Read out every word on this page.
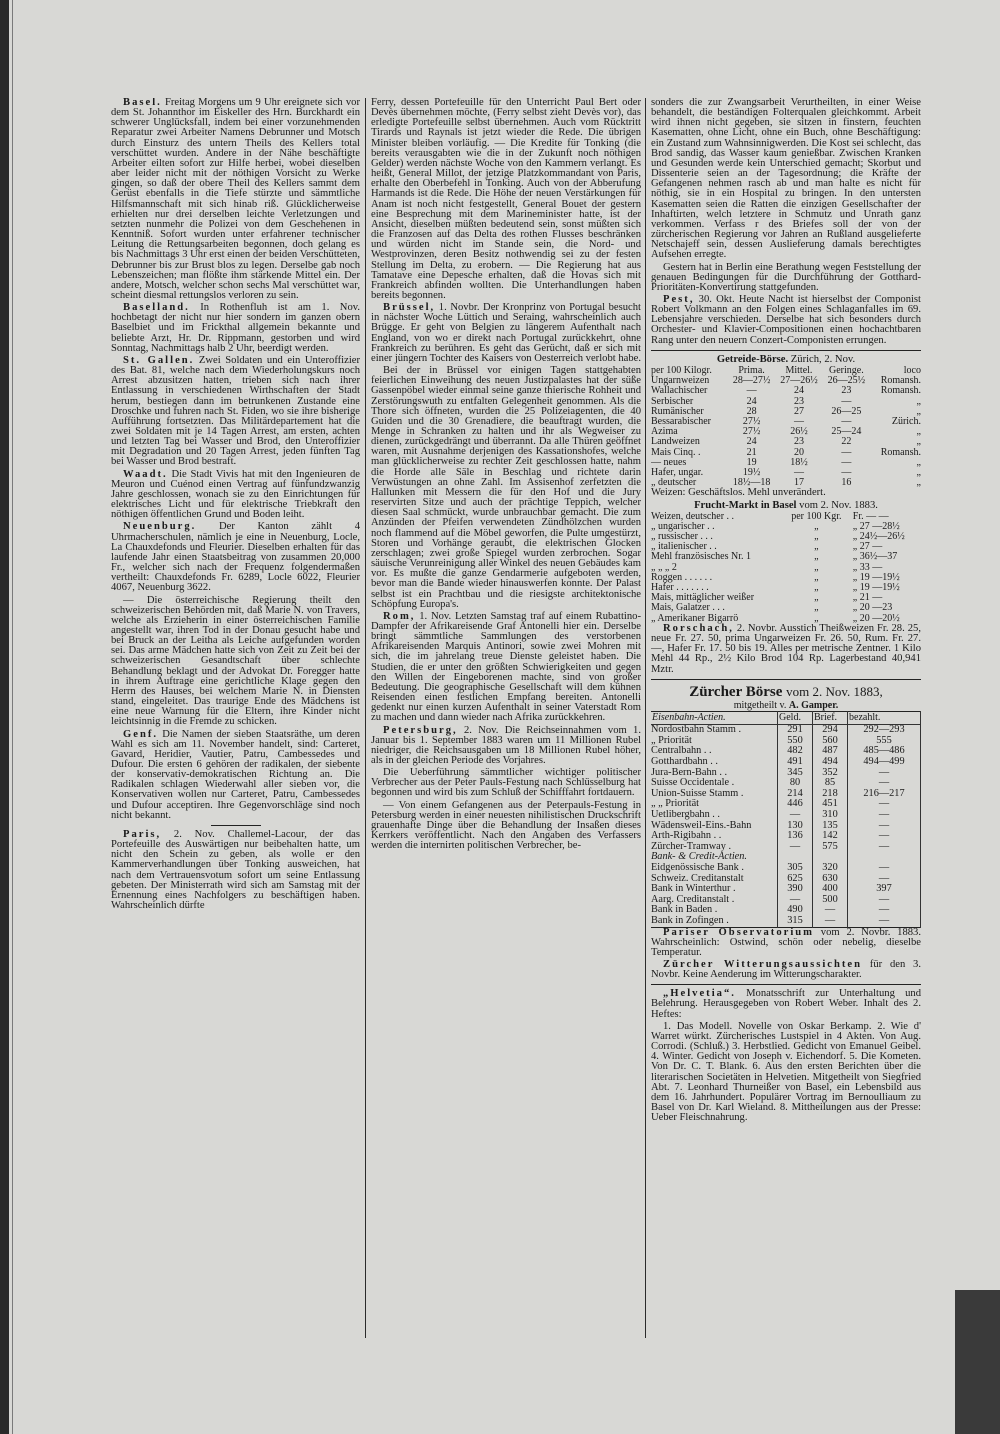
Basel. Freitag Morgens um 9 Uhr ereignete sich vor dem St. Johannthor im Eiskeller des Hrn. Burckhardt ein schwerer Unglücksfall, indem bei einer vorzunehmenden Reparatur zwei Arbeiter Namens Debrunner und Motsch durch Einsturz des untern Theils des Kellers total verschüttet wurden. Andere in der Nähe beschäftigte Arbeiter eilten sofort zur Hilfe herbei, wobei dieselben aber leider nicht mit der nöthigen Vorsicht zu Werke gingen, so daß der obere Theil des Kellers sammt dem Gerüst ebenfalls in die Tiefe stürzte und sämmtliche Hilfsmannschaft mit sich hinab riß. Glücklicherweise erhielten nur drei derselben leichte Verletzungen und setzten nunmehr die Polizei von dem Geschehenen in Kenntniß. Sofort wurden unter erfahrener technischer Leitung die Rettungsarbeiten begonnen, doch gelang es bis Nachmittags 3 Uhr erst einen der beiden Verschütteten, Debrunner bis zur Brust blos zu legen. Derselbe gab noch Lebenszeichen; man flößte ihm stärkende Mittel ein. Der andere, Motsch, welcher schon sechs Mal verschüttet war, scheint diesmal rettungslos verloren zu sein.

Baselland. In Rothenfluh ist am 1. Nov. hochbetagt der nicht nur hier sondern im ganzen obern Baselbiet und im Frickthal allgemein bekannte und beliebte Arzt, Hr. Dr. Rippmann, gestorben und wird Sonntag, Nachmittags halb 2 Uhr, beerdigt werden.

St. Gallen. Zwei Soldaten und ein Unteroffizier des Bat. 81, welche nach dem Wiederholungskurs noch Arrest abzusitzen hatten, trieben sich nach ihrer Entlassung in verschiedenen Wirthschaften der Stadt herum, bestiegen dann im betrunkenen Zustande eine Droschke und fuhren nach St. Fiden, wo sie ihre bisherige Aufführung fortsetzten. Das Militärdepartement hat die zwei Soldaten mit je 14 Tagen Arrest, am ersten, achten und letzten Tag bei Wasser und Brod, den Unteroffizier mit Degradation und 20 Tagen Arrest, jeden fünften Tag bei Wasser und Brod bestraft.

Waadt. Die Stadt Vivis hat mit den Ingenieuren de Meuron und Cuénod einen Vertrag auf fünfundzwanzig Jahre geschlossen, wonach sie zu den Einrichtungen für elektrisches Licht und für elektrische Triebkraft den nöthigen öffentlichen Grund und Boden leiht.

Neuenburg. Der Kanton zählt 4 Uhrmacherschulen, nämlich je eine in Neuenburg, Locle, La Chauxdefonds und Fleurier. Dieselben erhalten für das laufende Jahr einen Staatsbeitrag von zusammen 20,000 Fr., welcher sich nach der Frequenz folgendermaßen vertheilt: Chauxdefonds Fr. 6289, Locle 6022, Fleurier 4067, Neuenburg 3622.

— Die österreichische Regierung theilt den schweizerischen Behörden mit, daß Marie N. von Travers, welche als Erzieherin in einer österreichischen Familie angestellt war, ihren Tod in der Donau gesucht habe und bei Bruck an der Leitha als Leiche aufgefunden worden sei. Das arme Mädchen hatte sich von Zeit zu Zeit bei der schweizerischen Gesandtschaft über schlechte Behandlung beklagt und der Advokat Dr. Foregger hatte in ihrem Auftrage eine gerichtliche Klage gegen den Herrn des Hauses, bei welchem Marie N. in Diensten stand, eingeleitet. Das traurige Ende des Mädchens ist eine neue Warnung für die Eltern, ihre Kinder nicht leichtsinnig in die Fremde zu schicken.

Genf. Die Namen der sieben Staatsräthe, um deren Wahl es sich am 11. November handelt, sind: Carteret, Gavard, Heridier, Vautier, Patru, Cambessedes und Dufour. Die ersten 6 gehören der radikalen, der siebente der konservativ-demokratischen Richtung an. Die Radikalen schlagen Wiederwahl aller sieben vor, die Konservativen wollen nur Carteret, Patru, Cambessedes und Dufour acceptiren. Ihre Gegenvorschläge sind noch nicht bekannt.

Paris, 2. Nov. Challemel-Lacour, der das Portefeuille des Auswärtigen nur beibehalten hatte, um nicht den Schein zu geben, als wolle er den Kammerverhandlungen über Tonking ausweichen, hat nach dem Vertrauensvotum sofort um seine Entlassung gebeten. Der Ministerrath wird sich am Samstag mit der Ernennung eines Nachfolgers zu beschäftigen haben. Wahrscheinlich dürfte

Ferry, dessen Portefeuille für den Unterricht Paul Bert oder Devès übernehmen möchte, (Ferry selbst zieht Devès vor), das erledigte Portefeuille selbst übernehmen. Auch vom Rücktritt Tirards und Raynals ist jetzt wieder die Rede. Die übrigen Minister bleiben vorläufig. — Die Kredite für Tonking (die bereits verausgabten wie die in der Zukunft noch nöthigen Gelder) werden nächste Woche von den Kammern verlangt. Es heißt, General Millot, der jetzige Platzkommandant von Paris, erhalte den Oberbefehl in Tonking. Auch von der Abberufung Harmands ist die Rede. Die Höhe der neuen Verstärkungen für Anam ist noch nicht festgestellt, General Bouet der gestern eine Besprechung mit dem Marineminister hatte, ist der Ansicht, dieselben müßten bedeutend sein, sonst müßten sich die Franzosen auf das Delta des rothen Flusses beschränken und würden nicht im Stande sein, die Nord- und Westprovinzen, deren Besitz nothwendig sei zu der festen Stellung im Delta, zu erobern. — Die Regierung hat aus Tamatave eine Depesche erhalten, daß die Hovas sich mit Frankreich abfinden wollten. Die Unterhandlungen haben bereits begonnen.

Brüssel, 1. Novbr. Der Kronprinz von Portugal besucht in nächster Woche Lüttich und Seraing, wahrscheinlich auch Brügge. Er geht von Belgien zu längerem Aufenthalt nach England, von wo er direkt nach Portugal zurückkehrt, ohne Frankreich zu berühren. Es geht das Gerücht, daß er sich mit einer jüngern Tochter des Kaisers von Oesterreich verlobt habe.

Bei der in Brüssel vor einigen Tagen stattgehabten feierlichen Einweihung des neuen Justizpalastes hat der süße Gassenpöbel wieder einmal seine ganze thierische Rohheit und Zerstörungswuth zu entfalten Gelegenheit genommen. Als die Thore sich öffneten, wurden die 25 Polizeiagenten, die 40 Guiden und die 30 Grenadiere, die beauftragt wurden, die Menge in Schranken zu halten und ihr als Wegweiser zu dienen, zurückgedrängt und überrannt. Da alle Thüren geöffnet waren, mit Ausnahme derjenigen des Kassationshofes, welche man glücklicherweise zu rechter Zeit geschlossen hatte, nahm die Horde alle Säle in Beschlag und richtete darin Verwüstungen an ohne Zahl. Im Assisenhof zerfetzten die Hallunken mit Messern die für den Hof und die Jury reservirten Sitze und auch der prächtige Teppich, welcher diesen Saal schmückt, wurde unbrauchbar gemacht. Die zum Anzünden der Pfeifen verwendeten Zündhölzchen wurden noch flammend auf die Möbel geworfen, die Pulte umgestürzt, Storen und Vorhänge geraubt, die elektrischen Glocken zerschlagen; zwei große Spiegel wurden zerbrochen. Sogar säuische Verunreinigung aller Winkel des neuen Gebäudes kam vor. Es mußte die ganze Gendarmerie aufgeboten werden, bevor man die Bande wieder hinauswerfen konnte. Der Palast selbst ist ein Prachtbau und die riesigste architektonische Schöpfung Europa's.

Rom, 1. Nov. Letzten Samstag traf auf einem Rubattino-Dampfer der Afrikareisende Graf Antonelli hier ein. Derselbe bringt sämmtliche Sammlungen des verstorbenen Afrikareisenden Marquis Antinori, sowie zwei Mohren mit sich, die im jahrelang treue Dienste geleistet haben. Die Studien, die er unter den größten Schwierigkeiten und gegen den Willen der Eingeborenen machte, sind von großer Bedeutung. Die geographische Gesellschaft will dem kühnen Reisenden einen festlichen Empfang bereiten. Antonelli gedenkt nur einen kurzen Aufenthalt in seiner Vaterstadt Rom zu machen und dann wieder nach Afrika zurückkehren.

Petersburg, 2. Nov. Die Reichseinnahmen vom 1. Januar bis 1. September 1883 waren um 11 Millionen Rubel niedriger, die Reichsausgaben um 18 Millionen Rubel höher, als in der gleichen Periode des Vorjahres.

Die Ueberführung sämmtlicher wichtiger politischer Verbrecher aus der Peter Pauls-Festung nach Schlüsselburg hat begonnen und wird bis zum Schluß der Schifffahrt fortdauern.

— Von einem Gefangenen aus der Peterpauls-Festung in Petersburg werden in einer neuesten nihilistischen Druckschrift grauenhafte Dinge über die Behandlung der Insaßen dieses Kerrkers veröffentlicht. Nach den Angaben des Verfassers werden die internirten politischen Verbrecher, be-

sonders die zur Zwangsarbeit Verurtheilten, in einer Weise behandelt, die beständigen Folterqualen gleichkommt. Arbeit wird ihnen nicht gegeben, sie sitzen in finstern, feuchten Kasematten, ohne Licht, ohne ein Buch, ohne Beschäftigung: ein Zustand zum Wahnsinnigwerden. Die Kost sei schlecht, das Brod sandig, das Wasser kaum genießbar. Zwischen Kranken und Gesunden werde kein Unterschied gemacht; Skorbut und Dissenterie seien an der Tagesordnung; die Kräfte der Gefangenen nehmen rasch ab und man halte es nicht für nöthig, sie in ein Hospital zu bringen. In den untersten Kasematten seien die Ratten die einzigen Gesellschafter der Inhaftirten, welch letztere in Schmutz und Unrath ganz verkommen. Verfass r des Briefes soll der von der zürcherischen Regierung vor Jahren an Rußland ausgelieferte Netschajeff sein, dessen Auslieferung damals berechtigtes Aufsehen erregte.

Gestern hat in Berlin eine Berathung wegen Feststellung der genauen Bedingungen für die Durchführung der Gotthard-Prioritäten-Konvertirung stattgefunden.

Pest, 30. Okt. Heute Nacht ist hierselbst der Componist Robert Volkmann an den Folgen eines Schlaganfalles im 69. Lebensjahre verschieden. Derselbe hat sich besonders durch Orchester- und Klavier-Compositionen einen hochachtbaren Rang unter den neuern Conzert-Componisten errungen.

Getreide-Börse. Zürich, 2. Nov.
per 100 Kilogr.	Prima.	Mittel.	Geringe.	loco
Ungarnweizen	28—27½	27—26½	26—25½	Romansh.
Wallachischer	—	24	23	Romansh.
Serbischer	24	23	—	„
Rumänischer	28	27	26—25	„
Bessarabischer	27½	—	—	Zürich.
Azima	27½	26½	25—24	„
Landweizen	24	23	22	„
Mais Cinq. .	21	20	—	Romansh.
— neues	19	18½	—	„
Hafer, ungar.	19½	—	—	„
„ deutscher	18½—18	17	16	„
Weizen: Geschäftslos. Mehl unverändert.
Frucht-Markt in Basel vom 2. Nov. 1883.
Weizen, deutscher . .	per 100 Kgr.	Fr. — —
„ ungarischer . .	„	„ 27 —28½
„ russischer . . .	„	„ 24½—26½
„ italienischer . .	„	„ 27 —
Mehl französisches Nr. 1	„	„ 36½—37
„ „ „ 2	„	„ 33 —
Roggen . . . . . .	„	„ 19 —19½
Hafer . . . . . . .	„	„ 19 —19½
Mais, mittäglicher weißer	„	„ 21 —
Mais, Galatzer . . .	„	„ 20 —23
„ Amerikaner Bigarrö	„	„ 20 —20½

Rorschach, 2. Novbr. Ausstich Theißweizen Fr. 28. 25, neue Fr. 27. 50, prima Ungarweizen Fr. 26. 50, Rum. Fr. 27. —, Hafer Fr. 17. 50 bis 19. Alles per metrische Zentner. 1 Kilo Mehl 44 Rp., 2½ Kilo Brod 104 Rp. Lagerbestand 40,941 Mztr.

Zürcher Börse vom 2. Nov. 1883,
mitgetheilt v. A. Gamper.
Eisenbahn-Actien.	Geld.	Brief.	bezahlt.
Nordostbahn Stamm .	291	294	292—293
„ Priorität	550	560	555
Centralbahn . .	482	487	485—486
Gotthardbahn . .	491	494	494—499
Jura-Bern-Bahn . .	345	352	—
Suisse Occidentale .	80	85	—
Union-Suisse Stamm .	214	218	216—217
„ „ Priorität	446	451	—
Uetlibergbahn . .	—	310	—
Wädensweil-Eins.-Bahn	130	135	—
Arth-Rigibahn . .	136	142	—
Zürcher-Tramway .	—	575	—
Bank- & Credit-Actien.			
Eidgenössische Bank .	305	320	—
Schweiz. Creditanstalt	625	630	—
Bank in Winterthur .	390	400	397
Aarg. Creditanstalt .	—	500	—
Bank in Baden .	490	—	—
Bank in Zofingen .	315	—	—

Pariser Observatorium vom 2. Novbr. 1883. Wahrscheinlich: Ostwind, schön oder nebelig, dieselbe Temperatur.

Zürcher Witterungsaussichten für den 3. Novbr. Keine Aenderung im Witterungscharakter.

„Helvetia“. Monatsschrift zur Unterhaltung und Belehrung. Herausgegeben von Robert Weber. Inhalt des 2. Heftes:

1. Das Modell. Novelle von Oskar Berkamp. 2. Wie d' Warret würkt. Zürcherisches Lustspiel in 4 Akten. Von Aug. Corrodi. (Schluß.) 3. Herbstlied. Gedicht von Emanuel Geibel. 4. Winter. Gedicht von Joseph v. Eichendorf. 5. Die Kometen. Von Dr. C. T. Blank. 6. Aus den ersten Berichten über die literarischen Societäten in Helvetien. Mitgetheilt von Siegfried Abt. 7. Leonhard Thurneißer von Basel, ein Lebensbild aus dem 16. Jahrhundert. Populärer Vortrag im Bernoulliaum zu Basel von Dr. Karl Wieland. 8. Mittheilungen aus der Presse: Ueber Fleischnahrung.
